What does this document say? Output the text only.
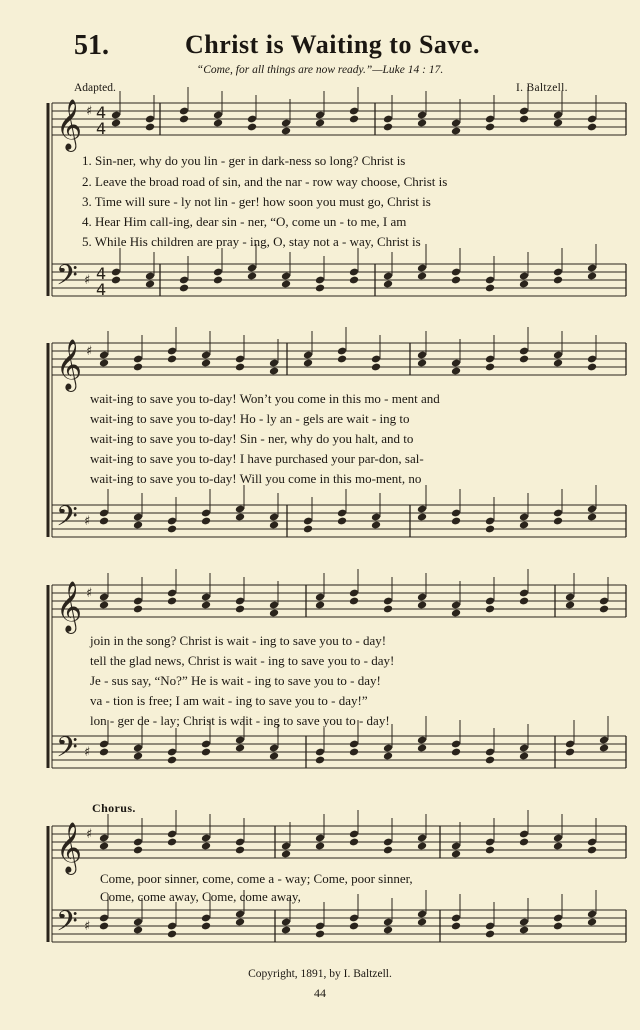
51.	Christ is Waiting to Save.
“Come, for all things are now ready.”—Luke 14 : 17.
Adapted.	I. Baltzell.
𝄞
𝄢
♯
♯
4
4
4
4
𝄞
𝄢
♯
♯
𝄞
𝄢
♯
♯
𝄞
𝄢
♯
♯
1. Sin-ner, why do you lin - ger in dark-ness so long? Christ is
2. Leave the broad road of sin, and the nar - row way choose, Christ is
3. Time will sure - ly not lin - ger! how soon you must go, Christ is
4. Hear Him call-ing, dear sin - ner, “O, come un - to me, I am
5. While His children are pray - ing, O, stay not a - way, Christ is
wait-ing to save you to-day! Won’t you come in this mo - ment and
wait-ing to save you to-day! Ho - ly an - gels are wait - ing to
wait-ing to save you to-day! Sin - ner, why do you halt, and to
wait-ing to save you to-day! I have purchased your par-don, sal-
wait-ing to save you to-day! Will you come in this mo-ment, no
join in the song? Christ is wait - ing to save you to - day!
tell the glad news, Christ is wait - ing to save you to - day!
Je - sus say, “No?” He is wait - ing to save you to - day!
va - tion is free; I am wait - ing to save you to - day!”
lon - ger de - lay; Christ is wait - ing to save you to - day!
Chorus.
Come, poor sinner, come, come a - way; Come, poor sinner,
Come, come away, Come, come away,
Copyright, 1891, by I. Baltzell.
44
